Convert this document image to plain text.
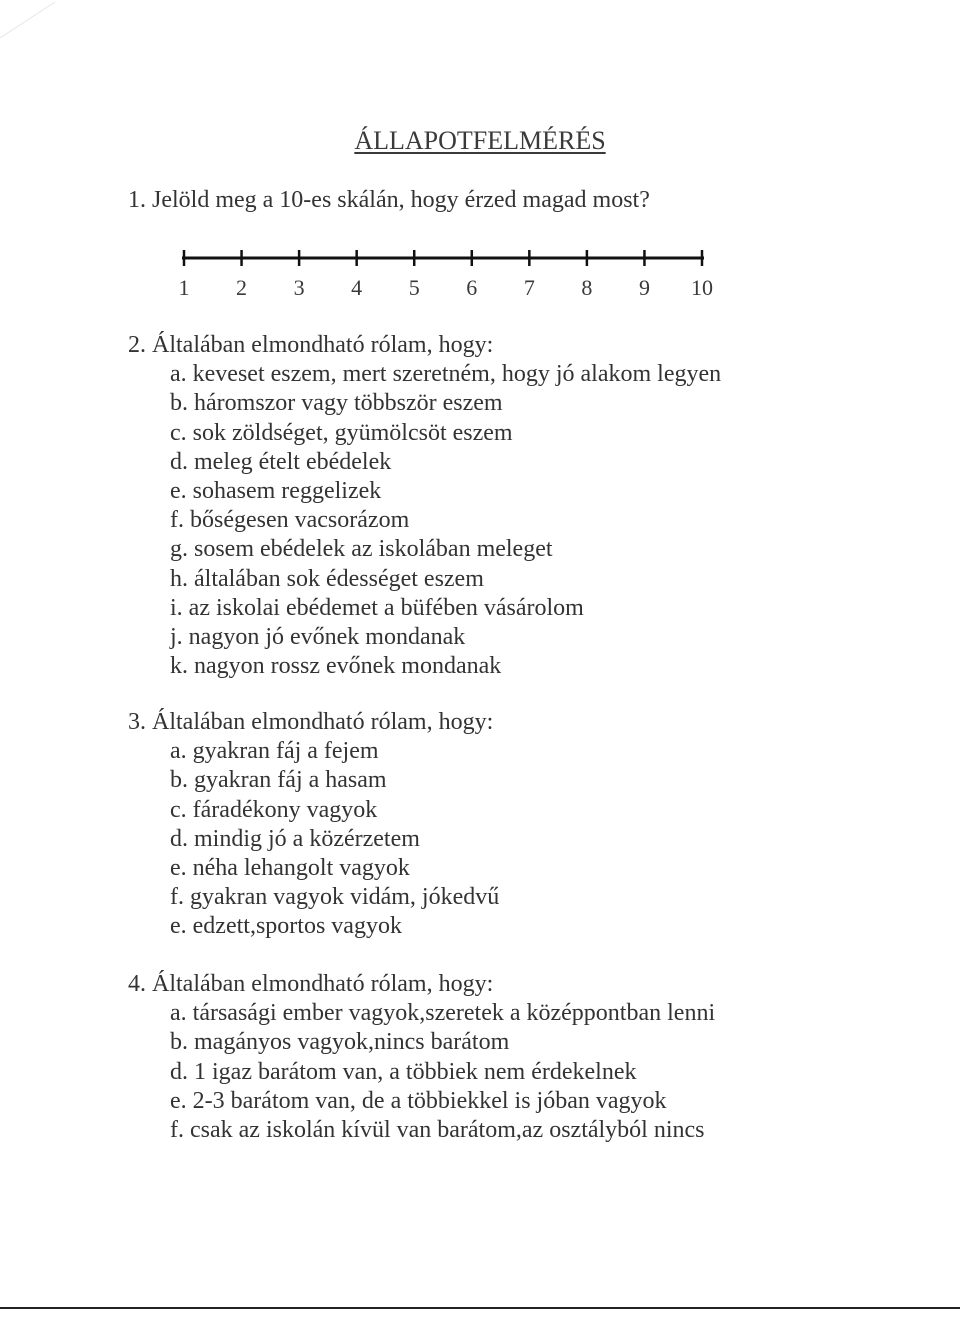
ÁLLAPOTFELMÉRÉS
1. Jelöld meg a 10-es skálán, hogy érzed magad most?
1	2	3	4	5	6	7	8	9	10

2. Általában elmondható rólam, hogy:

a. keveset eszem, mert szeretném, hogy jó alakom legyen
b. háromszor vagy többször eszem
c. sok zöldséget, gyümölcsöt eszem
d. meleg ételt ebédelek
e. sohasem reggelizek
f. bőségesen vacsorázom
g. sosem ebédelek az iskolában meleget
h. általában sok édességet eszem
i. az iskolai ebédemet a büfében vásárolom
j. nagyon jó evőnek mondanak
k. nagyon rossz evőnek mondanak

3. Általában elmondható rólam, hogy:

a. gyakran fáj a fejem
b. gyakran fáj a hasam
c. fáradékony vagyok
d. mindig jó a közérzetem
e. néha lehangolt vagyok
f. gyakran vagyok vidám, jókedvű
e. edzett,sportos vagyok

4. Általában elmondható rólam, hogy:

a. társasági ember vagyok,szeretek a középpontban lenni
b. magányos vagyok,nincs barátom
d. 1 igaz barátom van, a többiek nem érdekelnek
e. 2-3 barátom van, de a többiekkel is jóban vagyok
f. csak az iskolán kívül van barátom,az osztályból nincs
